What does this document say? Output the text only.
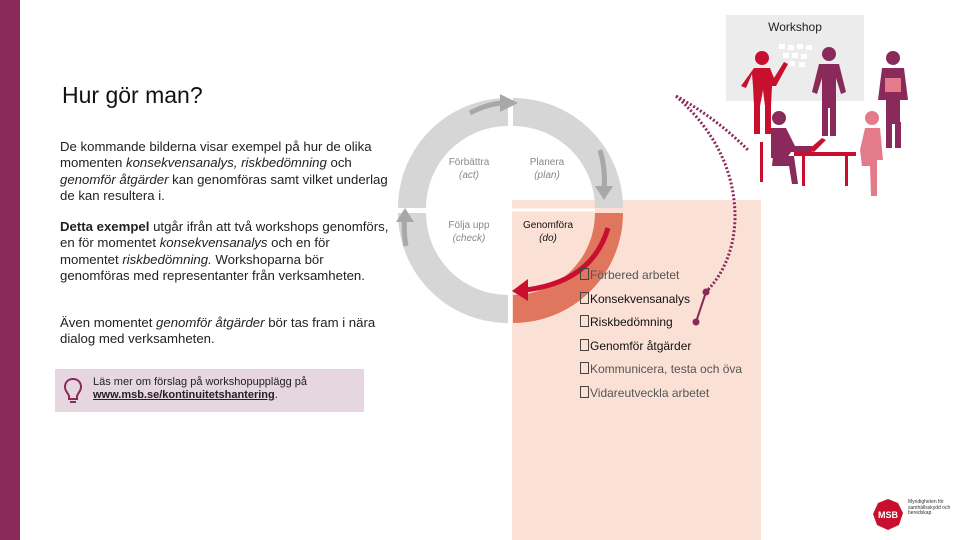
Hur gör man?

De kommande bilderna visar exempel på hur de olika momenten konsekvensanalys, riskbedömning och genomför åtgärder kan genomföras samt vilket underlag de kan resultera i.

Detta exempel utgår ifrån att två workshops genomförs, en för momentet konsekvensanalys och en för momentet riskbedömning. Workshoparna bör genomföras med representanter från verksamheten.

Även momentet genomför åtgärder bör tas fram i nära dialog med verksamheten.

Läs mer om förslag på workshopupplägg på www.msb.se/kontinuitetshantering.
Workshop
Förbättra
(act)
Planera
(plan)
Följa upp
(check)
Genomföra
(do)
Förbered arbetet
Konsekvensanalys
Riskbedömning
Genomför åtgärder
Kommunicera, testa och öva
Vidareutveckla arbetet
MSB
Myndigheten för samhällsskydd och beredskap
